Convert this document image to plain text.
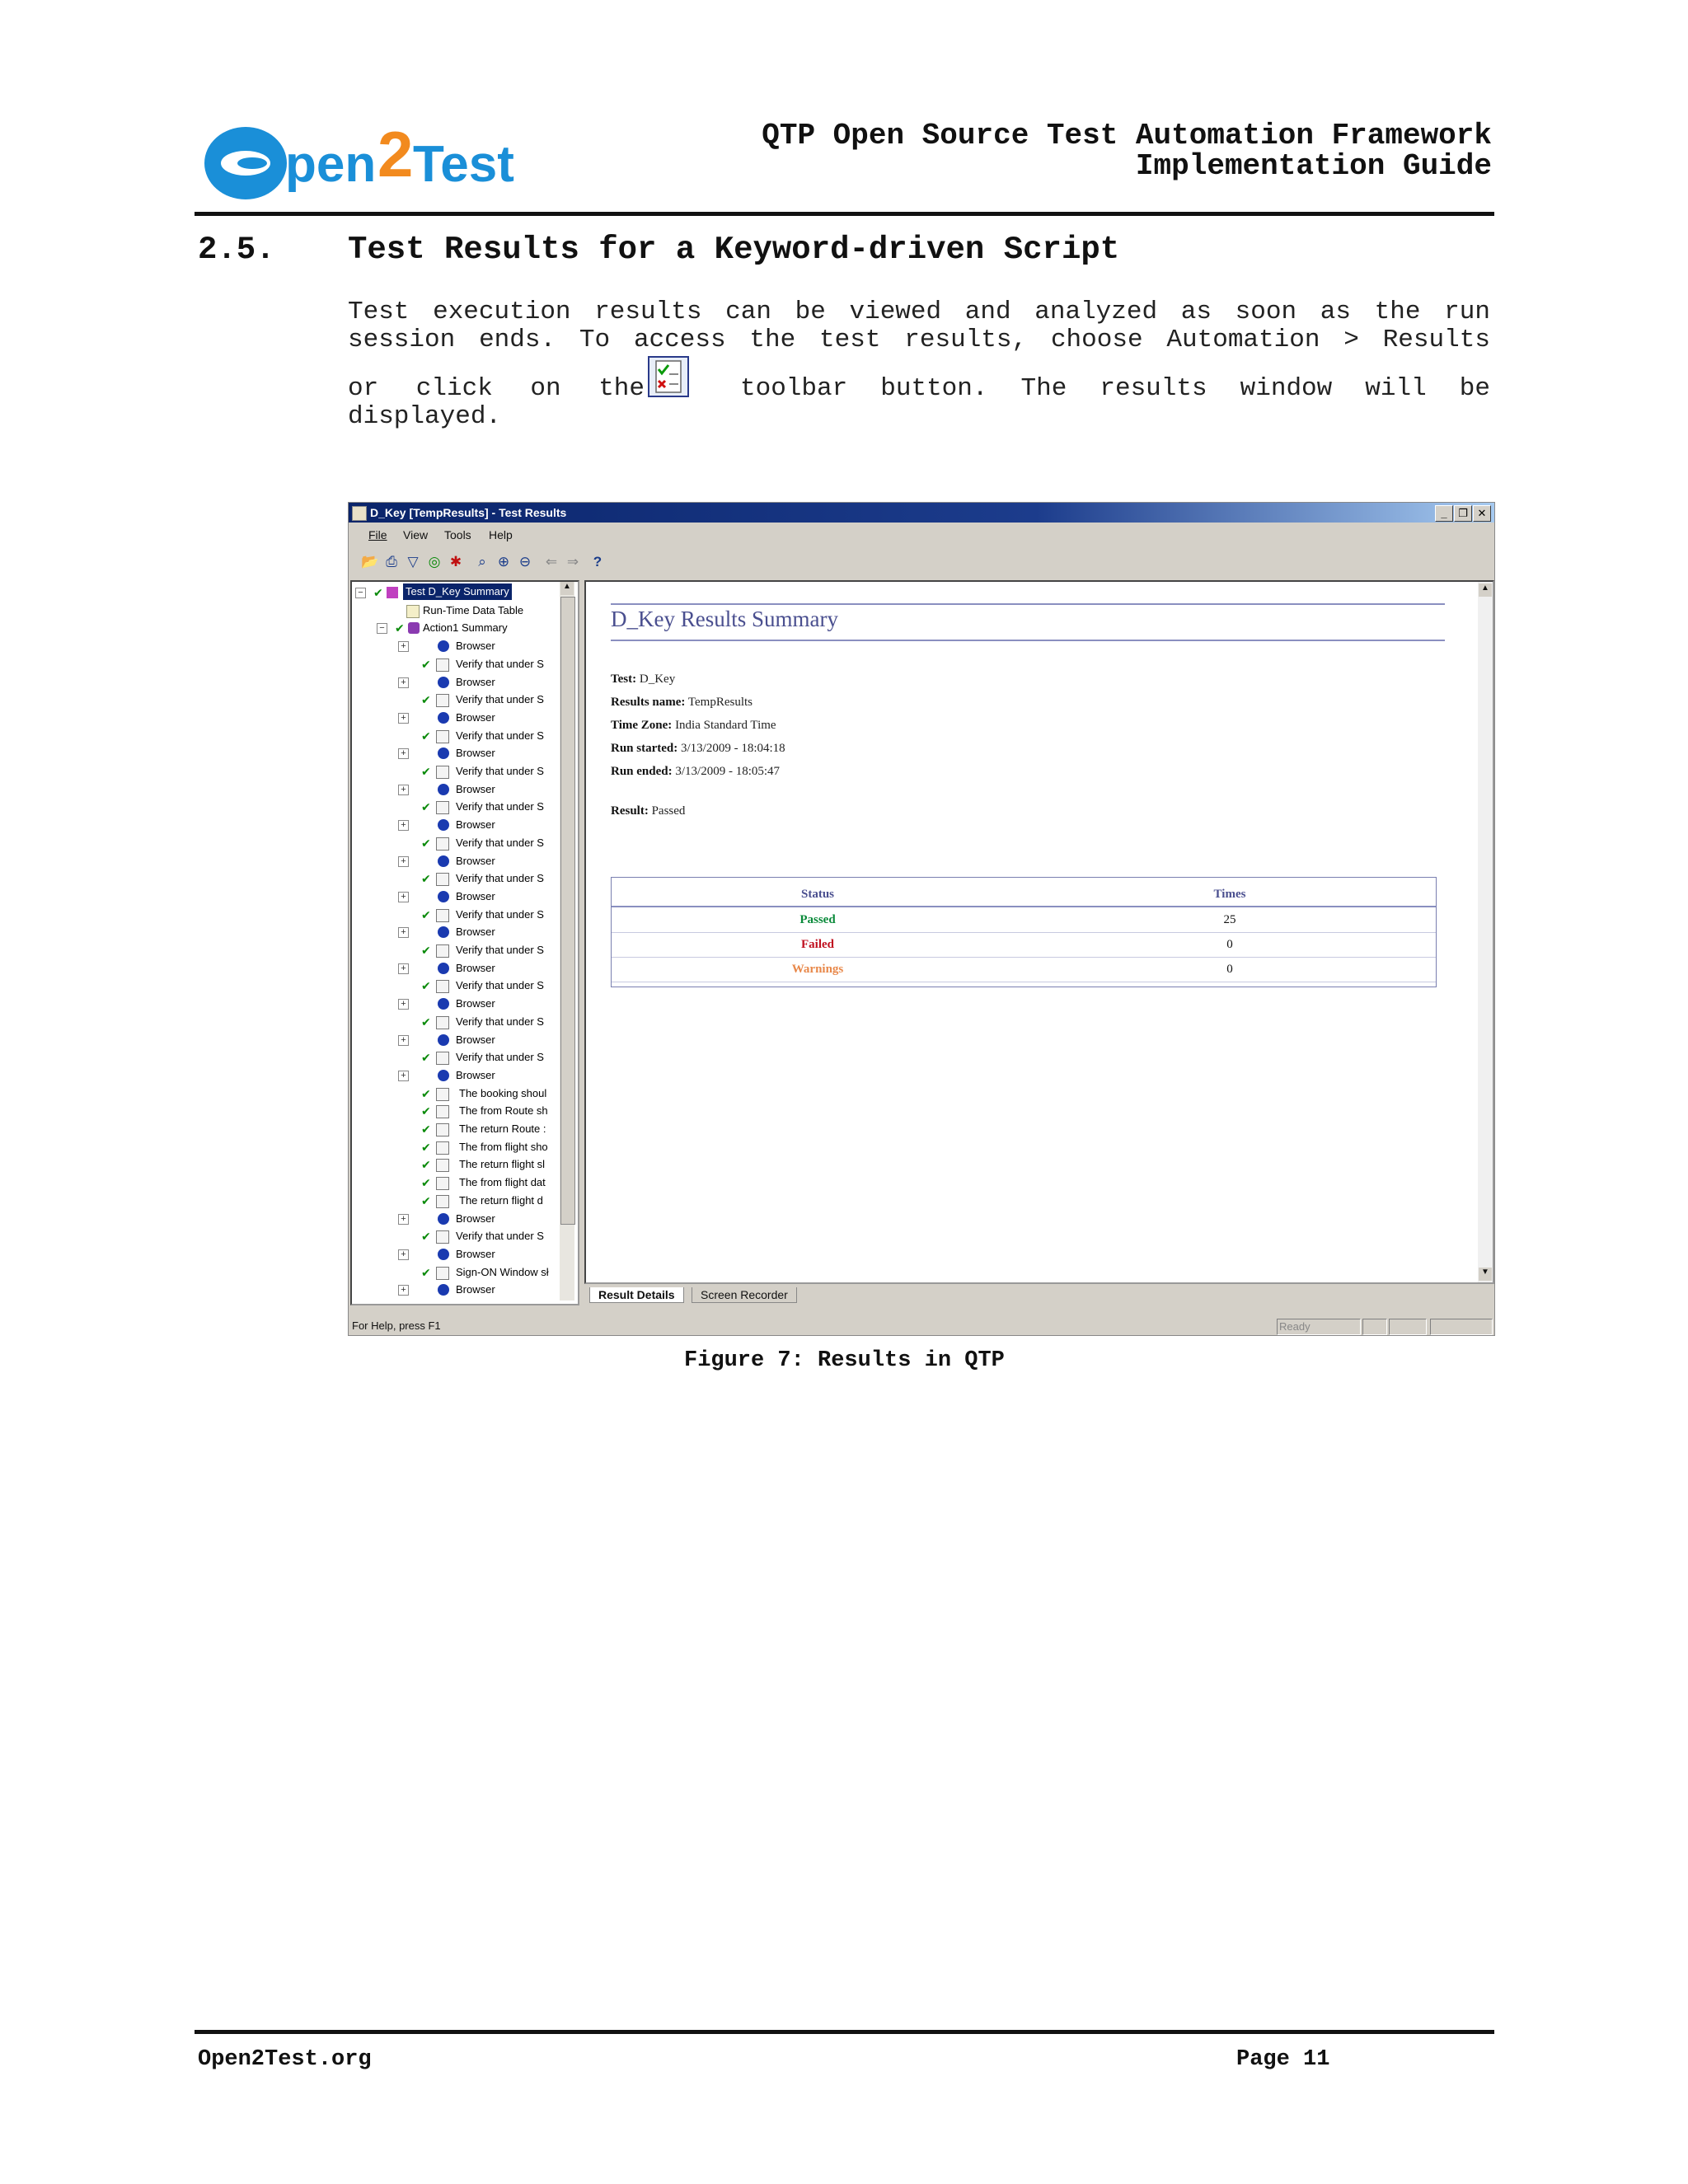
pen 2 Test
QTP Open Source Test Automation Framework
Implementation Guide
2.5. Test Results for a Keyword-driven Script
Test execution results can be viewed and analyzed as soon as the run
session ends. To access the test results, choose Automation > Results
or click on the	toolbar button. The results window will be
displayed.
D_Key [TempResults] - Test Results	_	❐ ✕
File View Tools Help
📂 ⎙ ▽ ◎ ✱	⌕ ⊕ ⊖ ⇐ ⇒	?
− ✔ Test D_Key Summary
Run-Time Data Table
− ✔ Action1 Summary
+	Browser
✔ Verify that under S
+	Browser
✔ Verify that under S
+	Browser
✔ Verify that under S
+	Browser
✔ Verify that under S
+	Browser
✔ Verify that under S
+	Browser
✔ Verify that under S
+	Browser
✔ Verify that under S
+	Browser
✔ Verify that under S
+	Browser
✔ Verify that under S
+	Browser
✔ Verify that under S
+	Browser
✔ Verify that under S
+	Browser
✔ Verify that under S
+	Browser
✔	The booking shoul
✔	The from Route sh
✔	The return Route :
✔	The from flight sho
✔	The return flight sl
✔	The from flight dat
✔	The return flight d
+	Browser
✔ Verify that under S
+	Browser
✔ Sign-ON Window sł
+	Browser
▲
D_Key Results Summary
Test: D_Key
Results name: TempResults
Time Zone: India Standard Time
Run started: 3/13/2009 - 18:04:18
Run ended: 3/13/2009 - 18:05:47
Result: Passed
Status	Times
Passed	25
Failed	0
Warnings	0
▲
▼
Result Details	Screen Recorder
For Help, press F1	Ready
Figure 7: Results in QTP
Open2Test.org	Page 11
